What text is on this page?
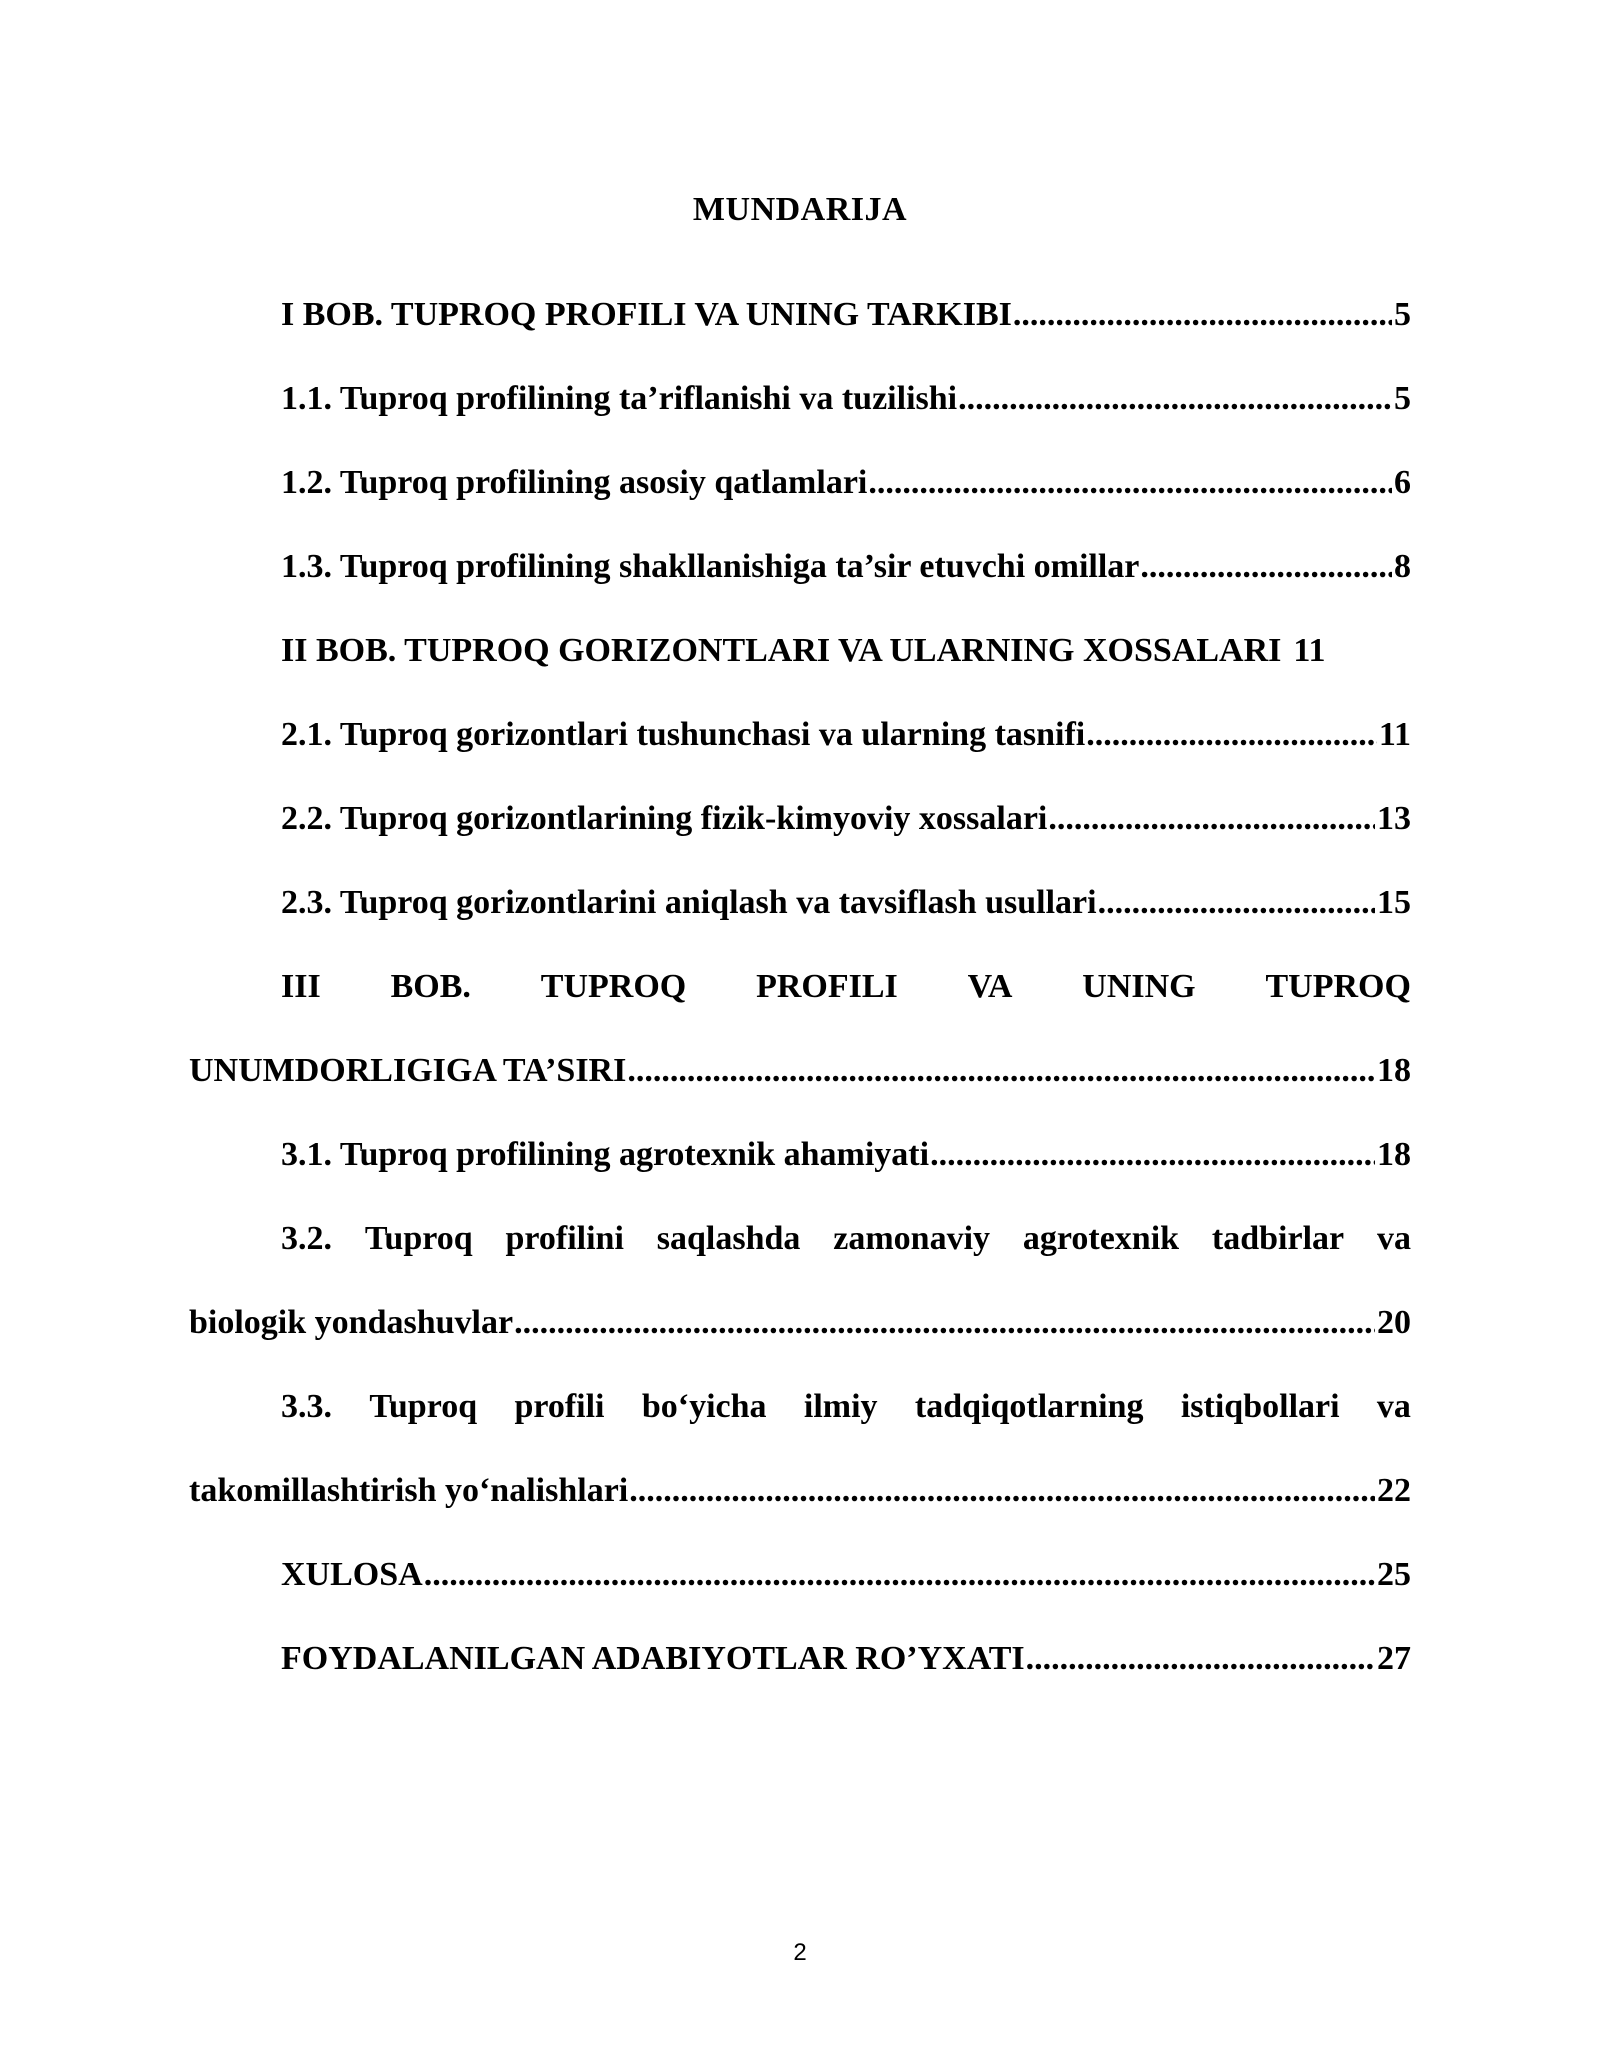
MUNDARIJA
I BOB. TUPROQ PROFILI VA UNING TARKIBI .....	5
1.1. Tuproq profilining ta’riflanishi va tuzilishi .....	5
1.2. Tuproq profilining asosiy qatlamlari .....	6
1.3. Tuproq profilining shakllanishiga ta’sir etuvchi omillar .....	8
II BOB. TUPROQ GORIZONTLARI VA ULARNING XOSSALARI 11
2.1. Tuproq gorizontlari tushunchasi va ularning tasnifi .....	11
2.2. Tuproq gorizontlarining fizik-kimyoviy xossalari .....	13
2.3. Tuproq gorizontlarini aniqlash va tavsiflash usullari .....	15
III BOB. TUPROQ PROFILI VA UNING TUPROQ
UNUMDORLIGIGA TA’SIRI .....	18
3.1. Tuproq profilining agrotexnik ahamiyati .....	18
3.2. Tuproq profilini saqlashda zamonaviy agrotexnik tadbirlar va
biologik yondashuvlar .....	20
3.3. Tuproq profili bo‘yicha ilmiy tadqiqotlarning istiqbollari va
takomillashtirish yo‘nalishlari .....	22
XULOSA .....	25
FOYDALANILGAN ADABIYOTLAR RO’YXATI .....	27
2
